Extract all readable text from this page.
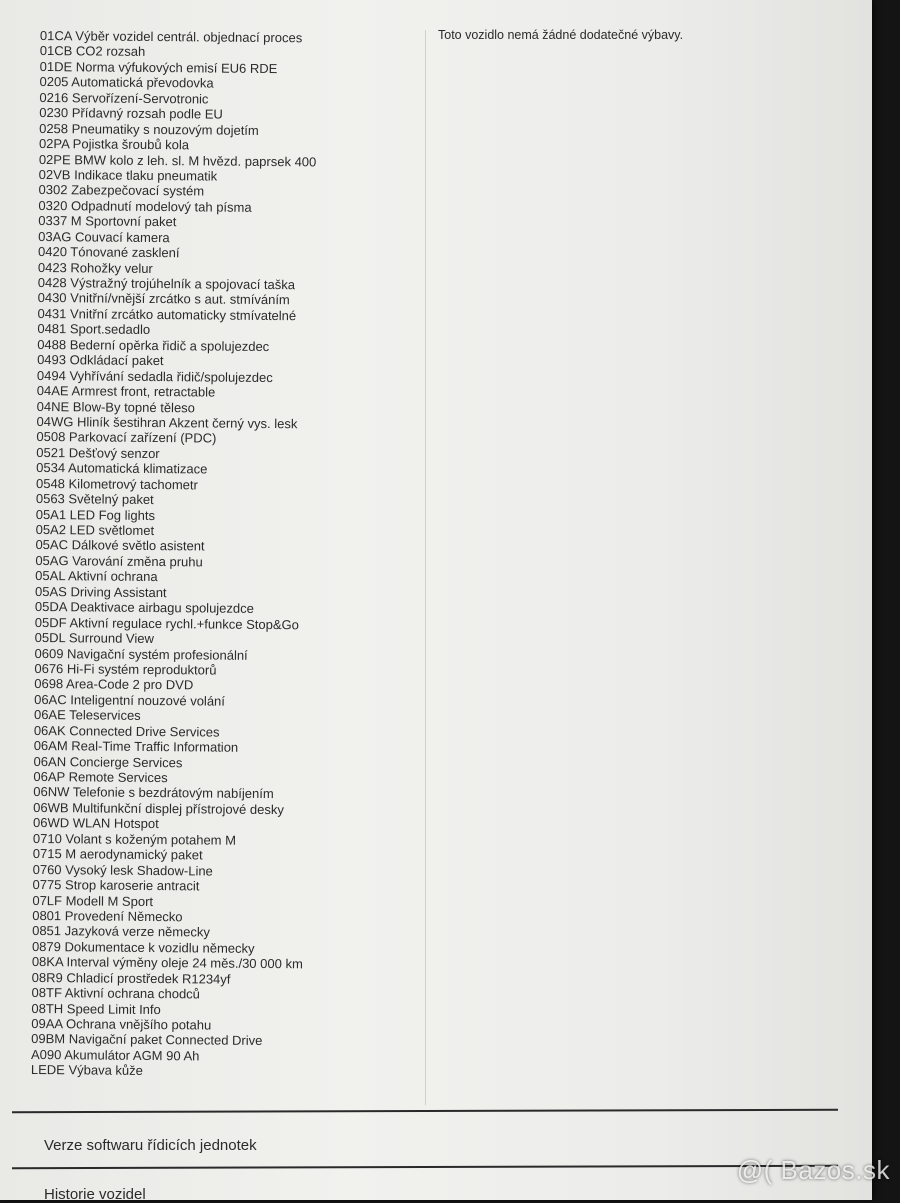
01CA Výběr vozidel centrál. objednací proces
01CB CO2 rozsah
01DE Norma výfukových emisí EU6 RDE
0205 Automatická převodovka
0216 Servořízení-Servotronic
0230 Přídavný rozsah podle EU
0258 Pneumatiky s nouzovým dojetím
02PA Pojistka šroubů kola
02PE BMW kolo z leh. sl. M hvězd. paprsek 400
02VB Indikace tlaku pneumatik
0302 Zabezpečovací systém
0320 Odpadnutí modelový tah písma
0337 M Sportovní paket
03AG Couvací kamera
0420 Tónované zasklení
0423 Rohožky velur
0428 Výstražný trojúhelník a spojovací taška
0430 Vnitřní/vnější zrcátko s aut. stmíváním
0431 Vnitřní zrcátko automaticky stmívatelné
0481 Sport.sedadlo
0488 Bederní opěrka řidič a spolujezdec
0493 Odkládací paket
0494 Vyhřívání sedadla řidič/spolujezdec
04AE Armrest front, retractable
04NE Blow-By topné těleso
04WG Hliník šestihran Akzent černý vys. lesk
0508 Parkovací zařízení (PDC)
0521 Dešťový senzor
0534 Automatická klimatizace
0548 Kilometrový tachometr
0563 Světelný paket
05A1 LED Fog lights
05A2 LED světlomet
05AC Dálkové světlo asistent
05AG Varování změna pruhu
05AL Aktivní ochrana
05AS Driving Assistant
05DA Deaktivace airbagu spolujezdce
05DF Aktivní regulace rychl.+funkce Stop&Go
05DL Surround View
0609 Navigační systém profesionální
0676 Hi-Fi systém reproduktorů
0698 Area-Code 2 pro DVD
06AC Inteligentní nouzové volání
06AE Teleservices
06AK Connected Drive Services
06AM Real-Time Traffic Information
06AN Concierge Services
06AP Remote Services
06NW Telefonie s bezdrátovým nabíjením
06WB Multifunkční displej přístrojové desky
06WD WLAN Hotspot
0710 Volant s koženým potahem M
0715 M aerodynamický paket
0760 Vysoký lesk Shadow-Line
0775 Strop karoserie antracit
07LF Modell M Sport
0801 Provedení Německo
0851 Jazyková verze německy
0879 Dokumentace k vozidlu německy
08KA Interval výměny oleje 24 měs./30 000 km
08R9 Chladicí prostředek R1234yf
08TF Aktivní ochrana chodců
08TH Speed Limit Info
09AA Ochrana vnějšího potahu
09BM Navigační paket Connected Drive
A090 Akumulátor AGM 90 Ah
LEDE Výbava kůže
Toto vozidlo nemá žádné dodatečné výbavy.
Verze softwaru řídicích jednotek
Historie vozidel
@( Bazos.sk
